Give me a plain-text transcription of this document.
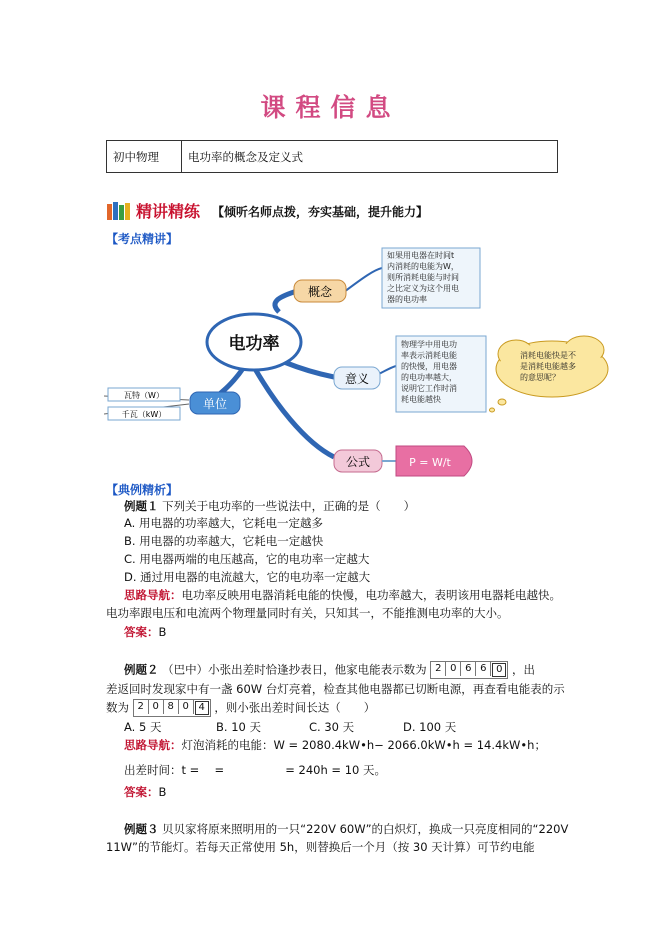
课程信息
初中物理	电功率的概念及定义式
精讲精练 【倾听名师点拨，夯实基础，提升能力】
【考点精讲】
电功率
概念
如果用电器在时间t
内消耗的电能为W，
则所消耗电能与时间
之比定义为这个用电
器的电功率
意义
物理学中用电功
率表示消耗电能
的快慢，用电器
的电功率越大，
说明它工作时消
耗电能越快
消耗电能快是不
是消耗电能越多
的意思呢？
单位
瓦特（W）
千瓦（kW）
公式	P = W/t
【典例精析】
例题１ 下列关于电功率的一些说法中，正确的是（　　）
A. 用电器的功率越大，它耗电一定越多
B. 用电器的功率越大，它耗电一定越快
C. 用电器两端的电压越高，它的电功率一定越大
D. 通过用电器的电流越大，它的电功率一定越大
思路导航：电功率反映用电器消耗电能的快慢，电功率越大，表明该用电器耗电越快。
电功率跟电压和电流两个物理量同时有关，只知其一，不能推测电功率的大小。
答案：B
例题２ （巴中）小张出差时恰逢抄表日，他家电能表示数为 2 0 6 6 0 ，出
差返回时发现家中有一盏 60W 台灯亮着，检查其他电器都已切断电源，再查看电能表的示
数为 2 0 8 0 4 ，则小张出差时间长达（　　）
A. 5 天	B. 10 天	C. 30 天	D. 100 天
思路导航：灯泡消耗的电能：W = 2080.4kW•h− 2066.0kW•h = 14.4kW•h；
出差时间：t =　 =　　　　　 = 240h = 10 天。
答案：B
例题３ 贝贝家将原来照明用的一只“220V 60W”的白炽灯，换成一只亮度相同的“220V
11W”的节能灯。若每天正常使用 5h，则替换后一个月（按 30 天计算）可节约电能
